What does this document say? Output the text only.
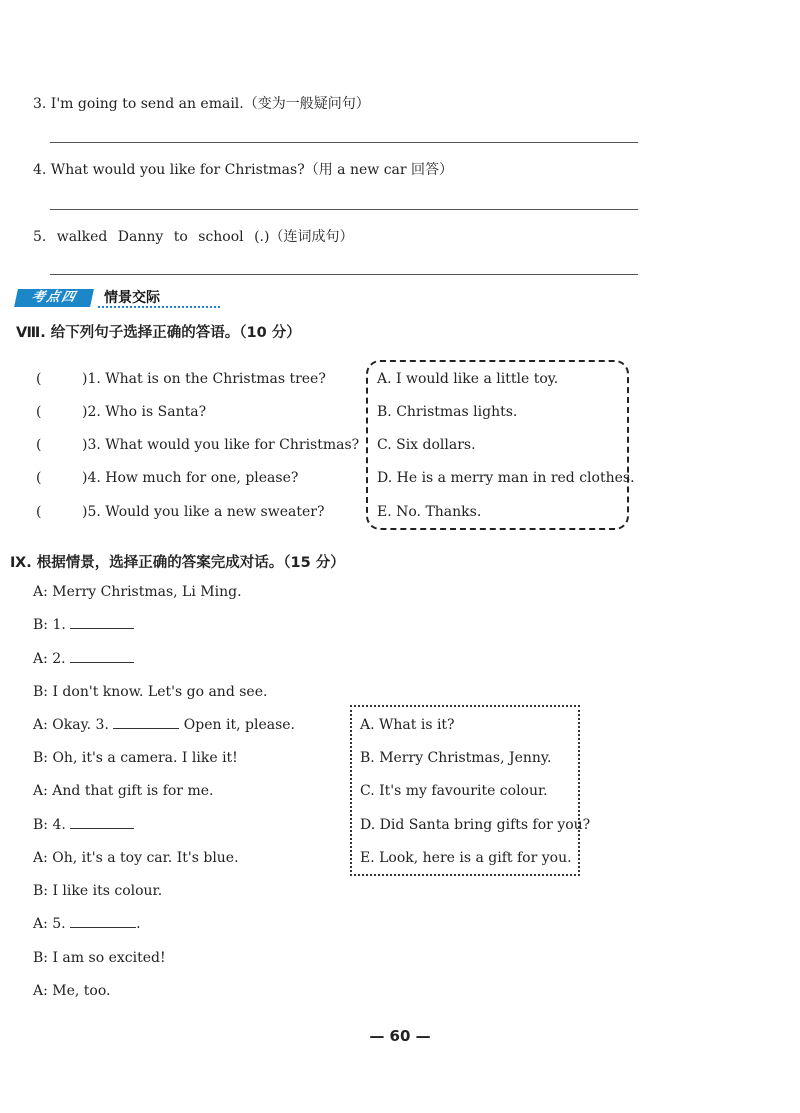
3. I'm going to send an email.（变为一般疑问句）
4. What would you like for Christmas?（用 a new car 回答）
5. walked Danny to school (.)（连词成句）
考点四	情景交际
Ⅷ. 给下列句子选择正确的答语。（10 分）
(	)1. What is on the Christmas tree?
(	)2. Who is Santa?
(	)3. What would you like for Christmas?
(	)4. How much for one, please?
(	)5. Would you like a new sweater?
A. I would like a little toy.
B. Christmas lights.
C. Six dollars.
D. He is a merry man in red clothes.
E. No. Thanks.
Ⅸ. 根据情景，选择正确的答案完成对话。（15 分）
A: Merry Christmas, Li Ming.
B: 1.
A: 2.
B: I don't know. Let's go and see.
A: Okay. 3.	Open it, please.
B: Oh, it's a camera. I like it!
A: And that gift is for me.
B: 4.
A: Oh, it's a toy car. It's blue.
B: I like its colour.
A: 5.	.
B: I am so excited!
A: Me, too.
A. What is it?
B. Merry Christmas, Jenny.
C. It's my favourite colour.
D. Did Santa bring gifts for you?
E. Look, here is a gift for you.
— 60 —
